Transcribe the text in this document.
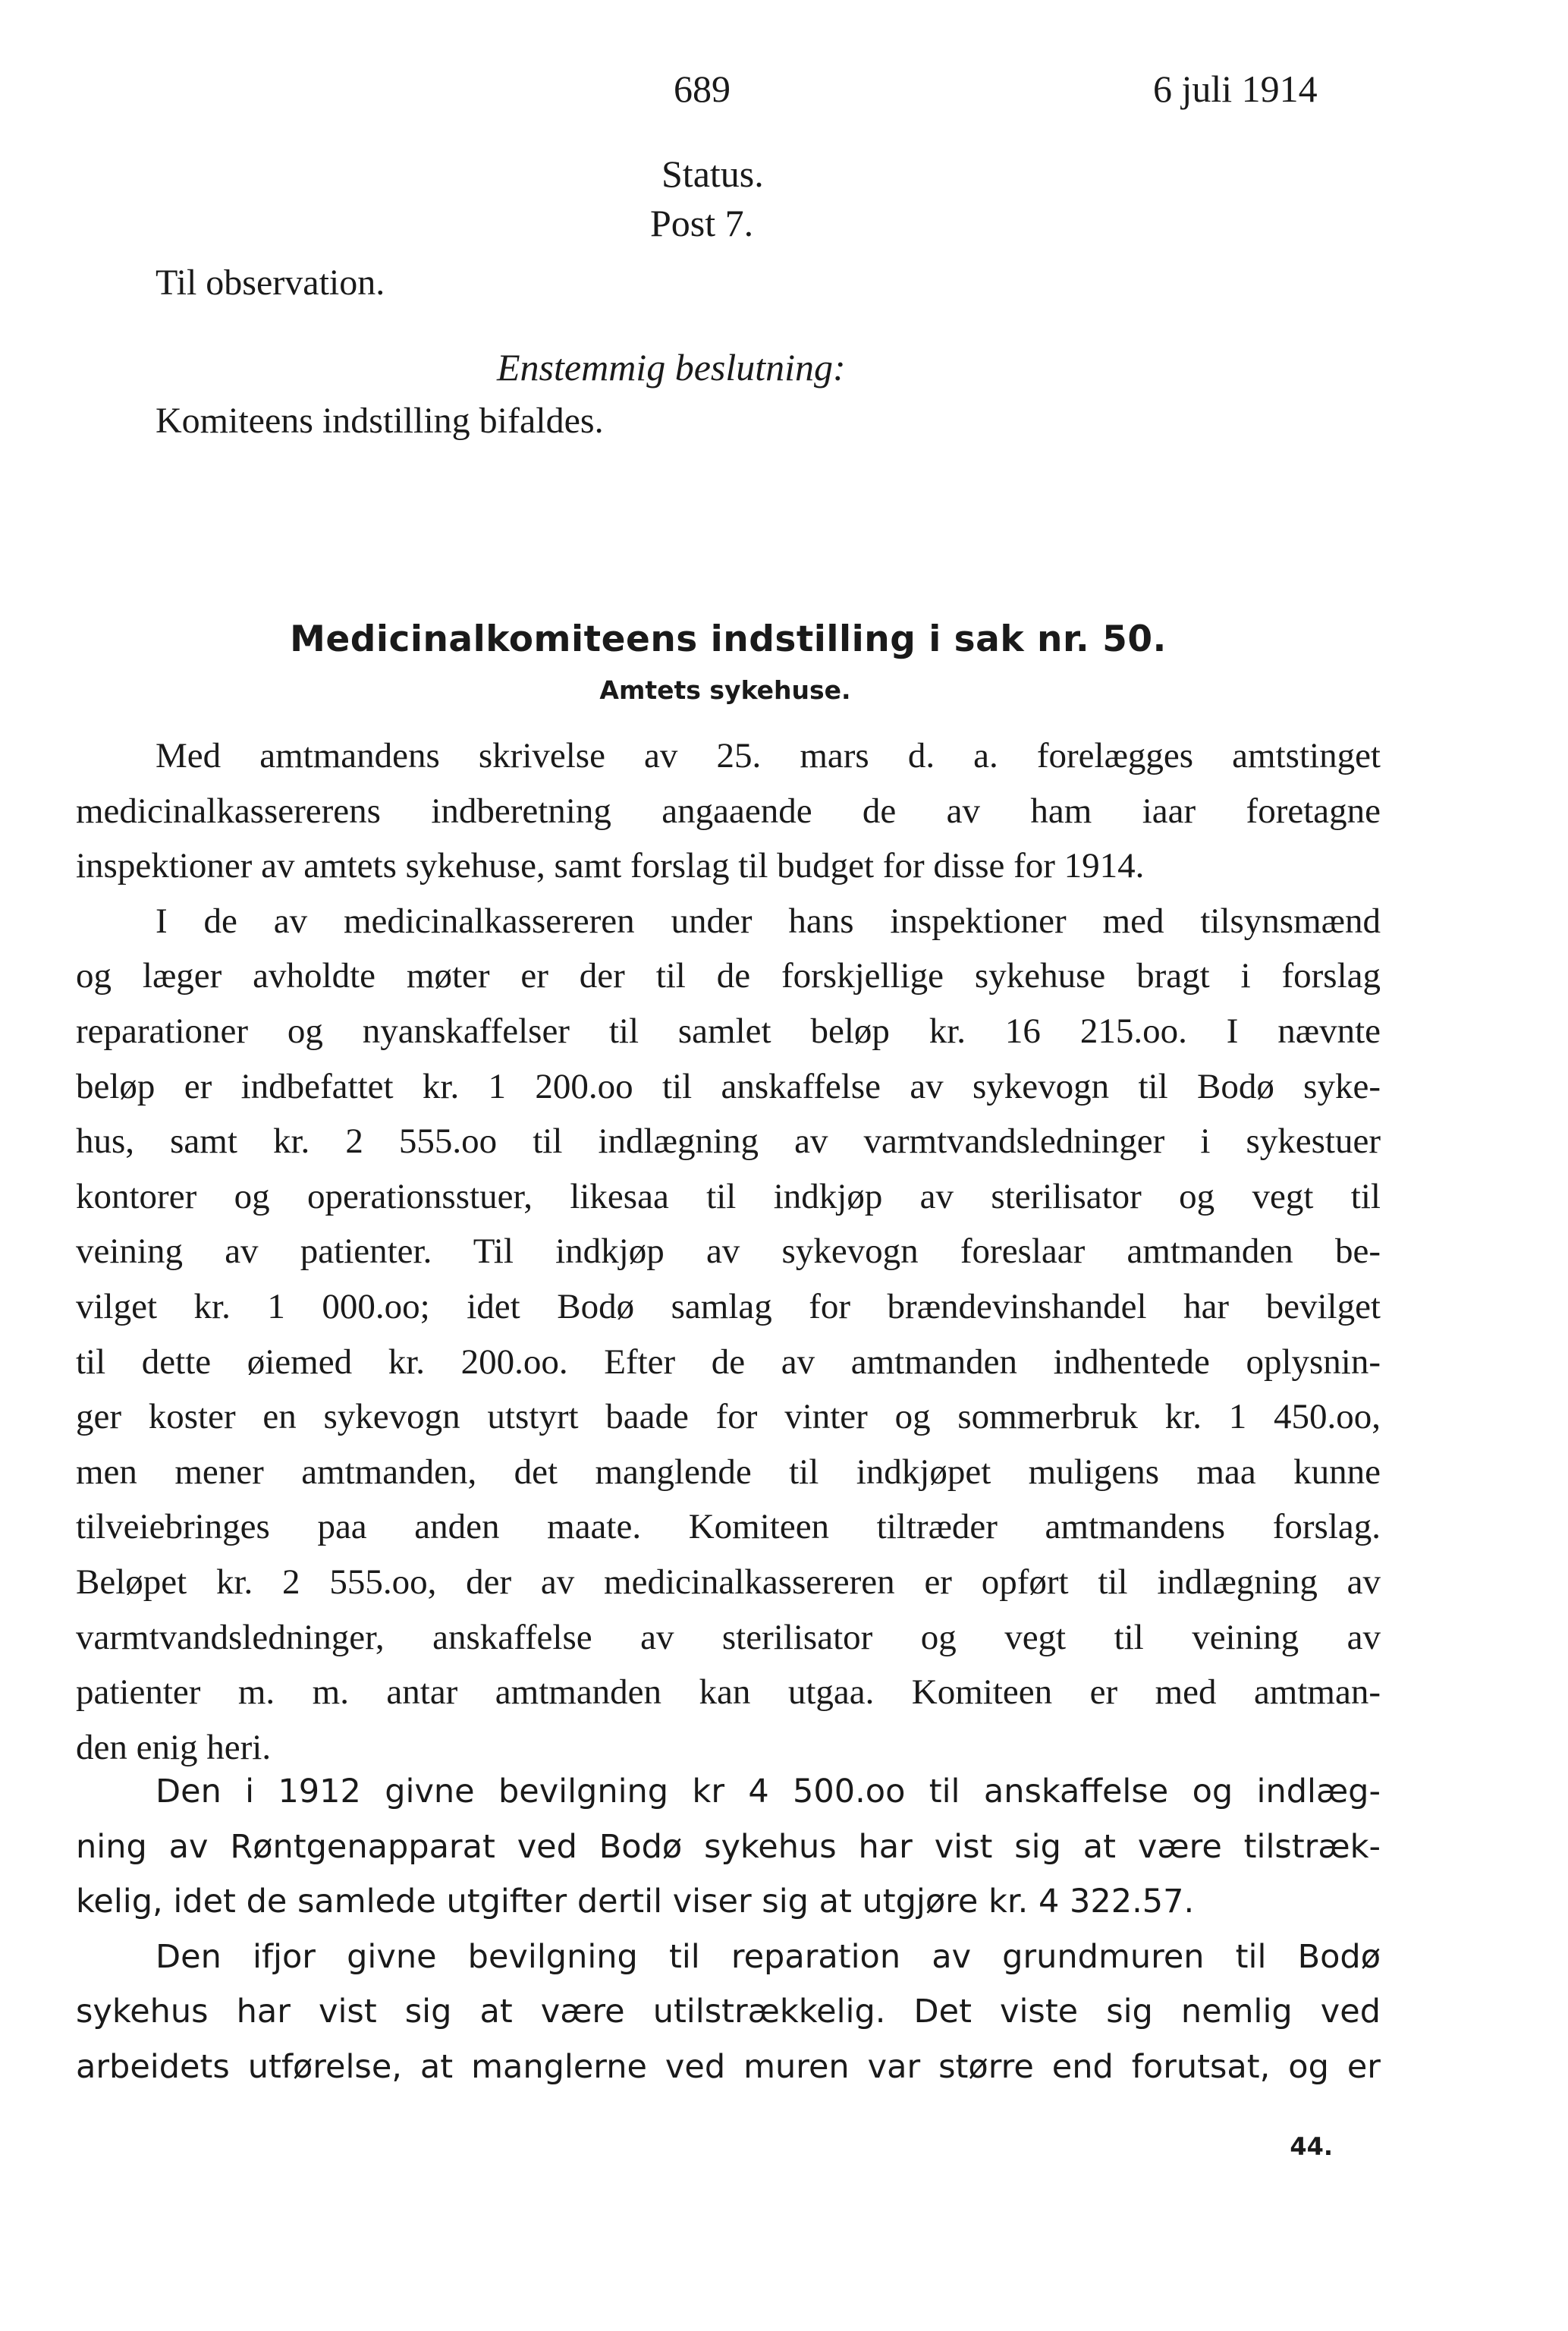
689	6 juli 1914
Status.
Post 7.
Til observation.
Enstemmig beslutning:
Komiteens indstilling bifaldes.
Medicinalkomiteens indstilling i sak nr. 50.
Amtets sykehuse.
Med amtmandens skrivelse av 25. mars d. a. forelægges amtstinget
medicinalkassererens indberetning angaaende de av ham iaar foretagne
inspektioner av amtets sykehuse, samt forslag til budget for disse for 1914.
I de av medicinalkassereren under hans inspektioner med tilsynsmænd
og læger avholdte møter er der til de forskjellige sykehuse bragt i forslag
reparationer og nyanskaffelser til samlet beløp kr. 16 215.oo. I nævnte
beløp er indbefattet kr. 1 200.oo til anskaffelse av sykevogn til Bodø syke-
hus, samt kr. 2 555.oo til indlægning av varmtvandsledninger i sykestuer
kontorer og operationsstuer, likesaa til indkjøp av sterilisator og vegt til
veining av patienter. Til indkjøp av sykevogn foreslaar amtmanden be-
vilget kr. 1 000.oo; idet Bodø samlag for brændevinshandel har bevilget
til dette øiemed kr. 200.oo. Efter de av amtmanden indhentede oplysnin-
ger koster en sykevogn utstyrt baade for vinter og sommerbruk kr. 1 450.oo,
men mener amtmanden, det manglende til indkjøpet muligens maa kunne
tilveiebringes paa anden maate. Komiteen tiltræder amtmandens forslag.
Beløpet kr. 2 555.oo, der av medicinalkassereren er opført til indlægning av
varmtvandsledninger, anskaffelse av sterilisator og vegt til veining av
patienter m. m. antar amtmanden kan utgaa. Komiteen er med amtman-
den enig heri.
Den i 1912 givne bevilgning kr 4 500.oo til anskaffelse og indlæg-
ning av Røntgenapparat ved Bodø sykehus har vist sig at være tilstræk-
kelig, idet de samlede utgifter dertil viser sig at utgjøre kr. 4 322.57.
Den ifjor givne bevilgning til reparation av grundmuren til Bodø
sykehus har vist sig at være utilstrækkelig. Det viste sig nemlig ved
arbeidets utførelse, at manglerne ved muren var større end forutsat, og er
44.
